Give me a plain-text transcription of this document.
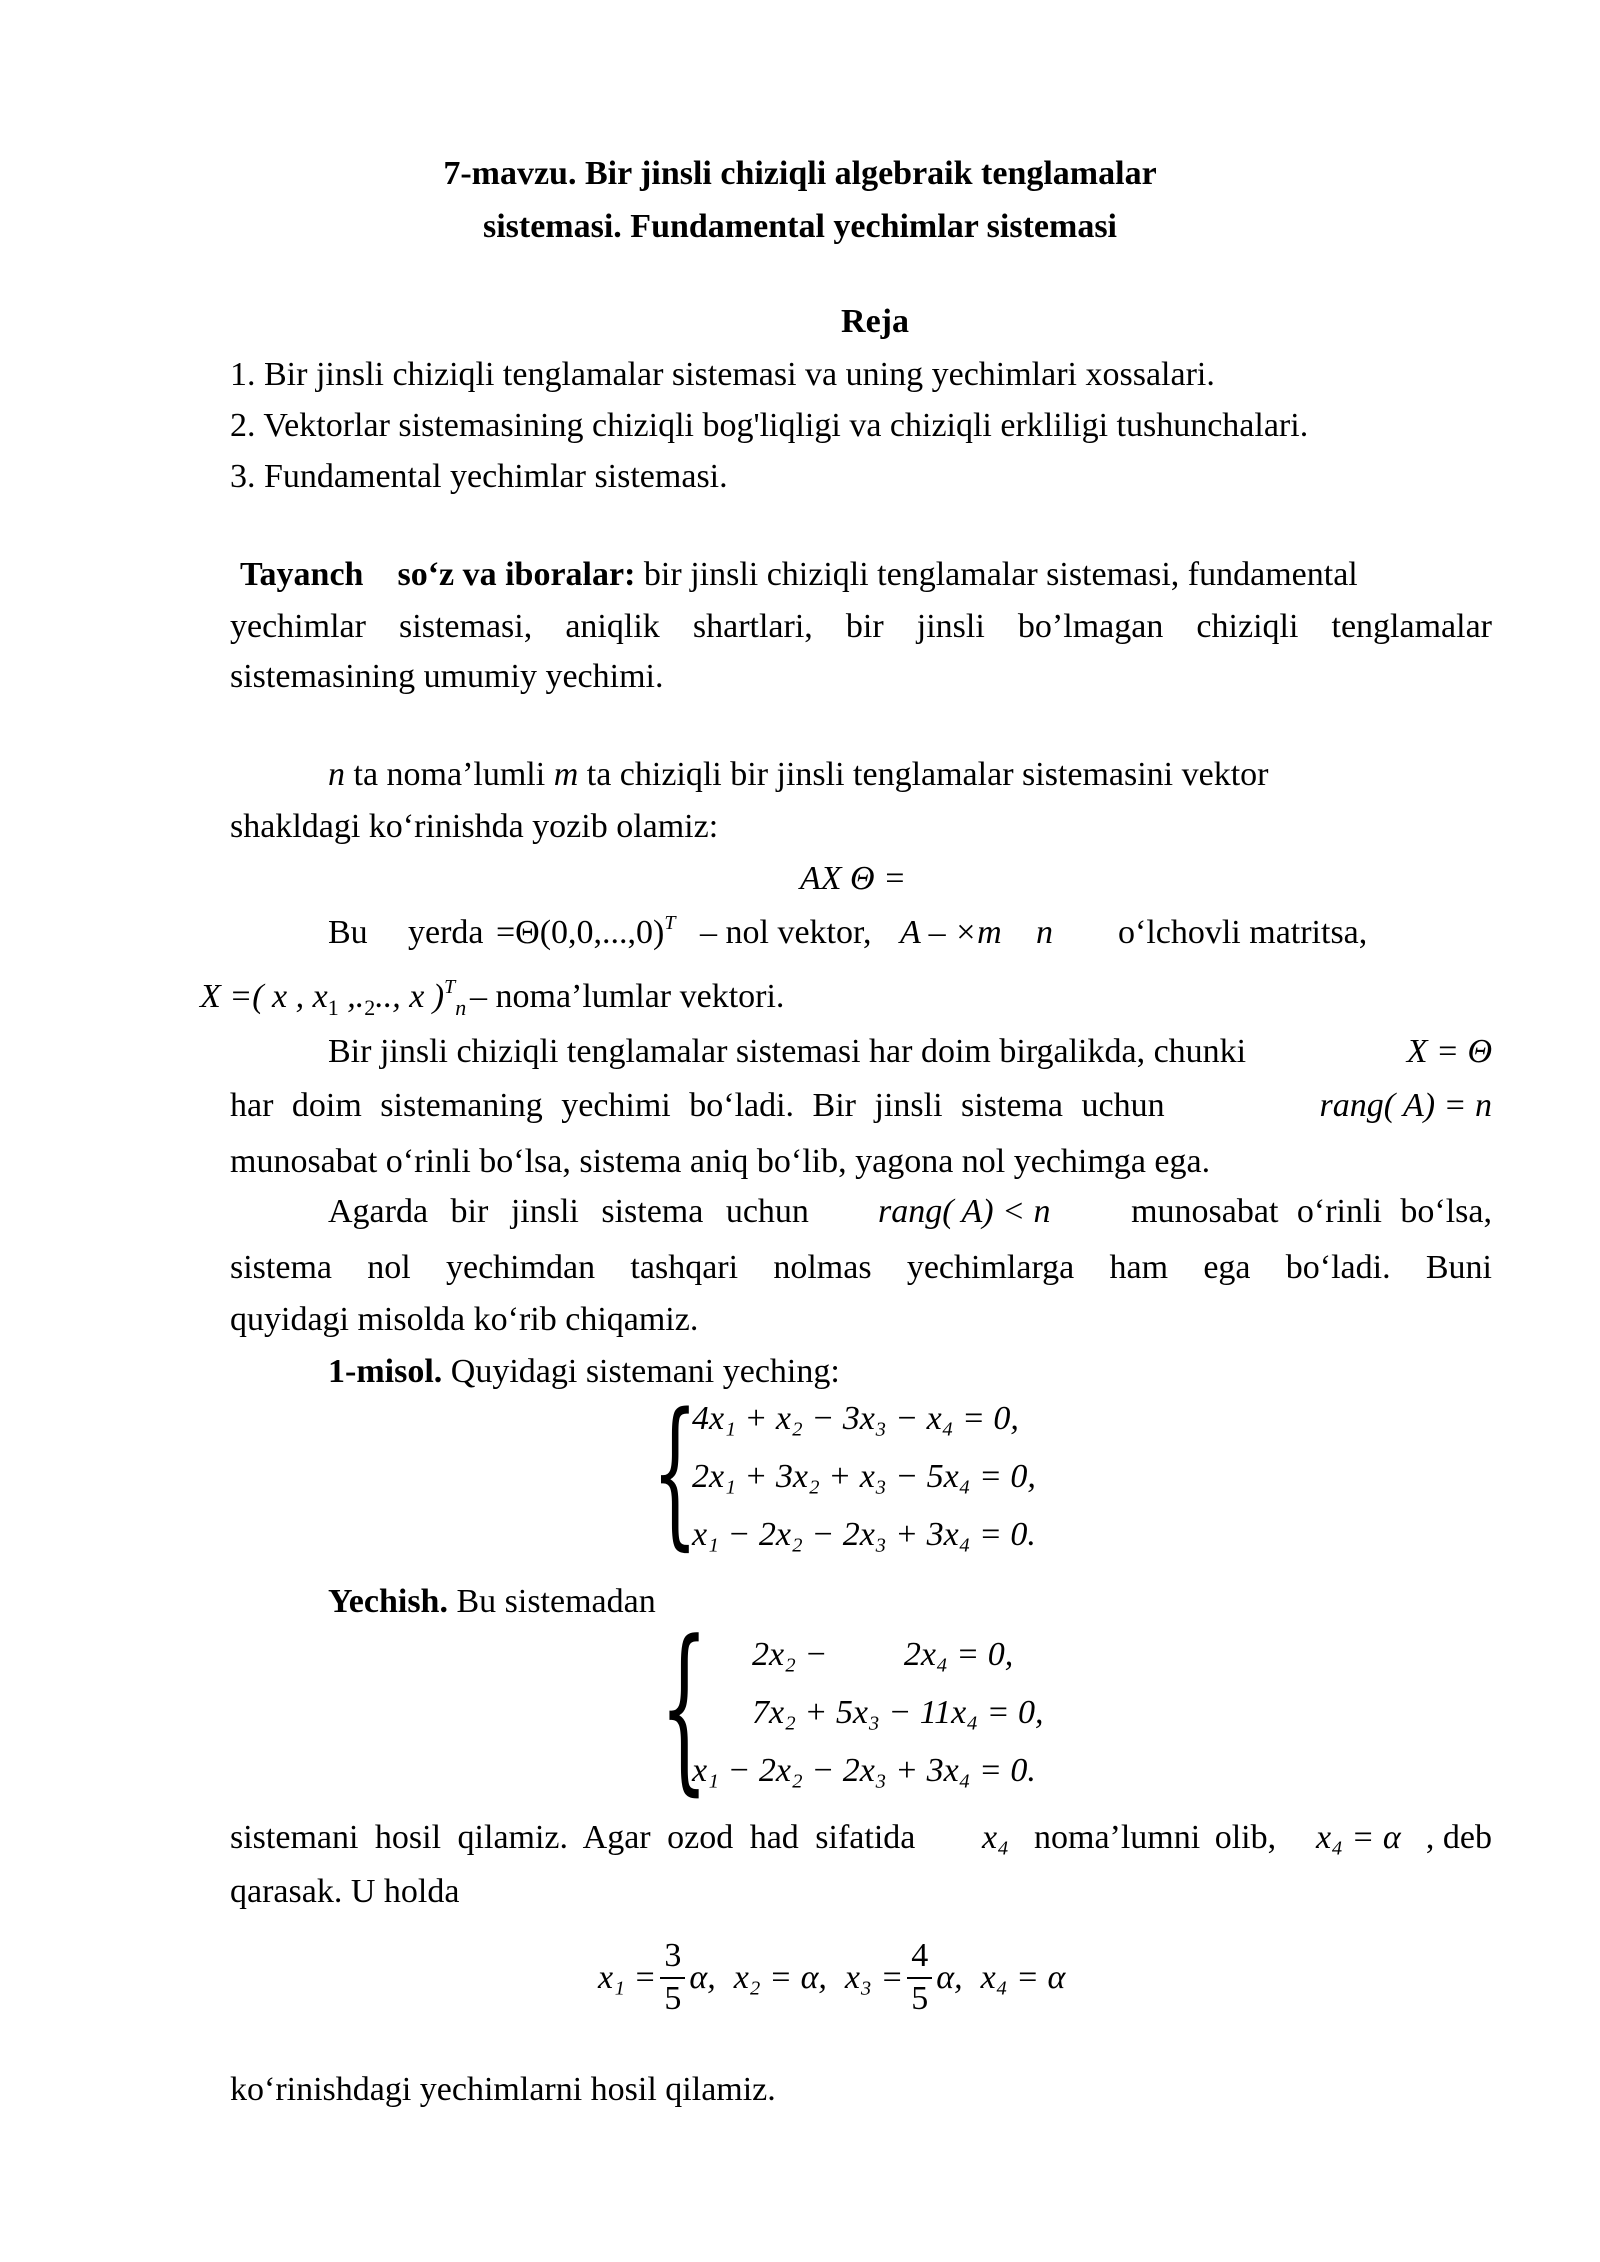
7-mavzu. Bir jinsli chiziqli algebraik tenglamalar
sistemasi. Fundamental yechimlar sistemasi
Reja
1. Bir jinsli chiziqli tenglamalar sistemasi va uning yechimlari xossalari.
2. Vektorlar sistemasining chiziqli bog'liqligi va chiziqli erkliligi tushunchalari.
3. Fundamental yechimlar sistemasi.
Tayanch so‘z va iboralar: bir jinsli chiziqli tenglamalar sistemasi, fundamental
yechimlar sistemasi, aniqlik shartlari, bir jinsli bo’lmagan chiziqli tenglamalar
sistemasining umumiy yechimi.
n ta noma’lumli m ta chiziqli bir jinsli tenglamalar sistemasini vektor
shakldagi ko‘rinishda yozib olamiz:
AX Θ =
Bu yerda $=\Theta(0,0,...,0)^T$ – nol vektor, A – ×m n o‘lchovli matritsa,
X =( x , $x_1$ $,._2$.., x )$^T_n$ – noma’lumlar vektori.
Bir jinsli chiziqli tenglamalar sistemasi har doim birgalikda, chunki	X = Θ
har doim sistemaning yechimi bo‘ladi. Bir jinsli sistema uchun	rang( A) = n
munosabat o‘rinli bo‘lsa, sistema aniq bo‘lib, yagona nol yechimga ega.
Agarda bir jinsli sistema uchun rang( A) < n munosabat o‘rinli bo‘lsa,
sistema nol yechimdan tashqari nolmas yechimlarga ham ega bo‘ladi. Buni
quyidagi misolda ko‘rib chiqamiz.
1-misol. Quyidagi sistemani yeching:
{
4x₁ + x₂ − 3x₃ − x₄ = 0,
2x₁ + 3x₂ + x₃ − 5x₄ = 0,
x₁ − 2x₂ − 2x₃ + 3x₄ = 0.
Yechish. Bu sistemadan
{ 2x₂ −         2x₄ = 0,
7x₂ + 5x₃ − 11x₄ = 0,
x₁ − 2x₂ − 2x₃ + 3x₄ = 0.
sistemani hosil qilamiz. Agar ozod had sifatida x₄ noma’lumni olib, x₄ = α , deb
qarasak. U holda
$x_1 = \frac{3}{5} \alpha$, x₂ = α, $x_3 = \frac{4}{5} \alpha$, x₄ = α
ko‘rinishdagi yechimlarni hosil qilamiz.
